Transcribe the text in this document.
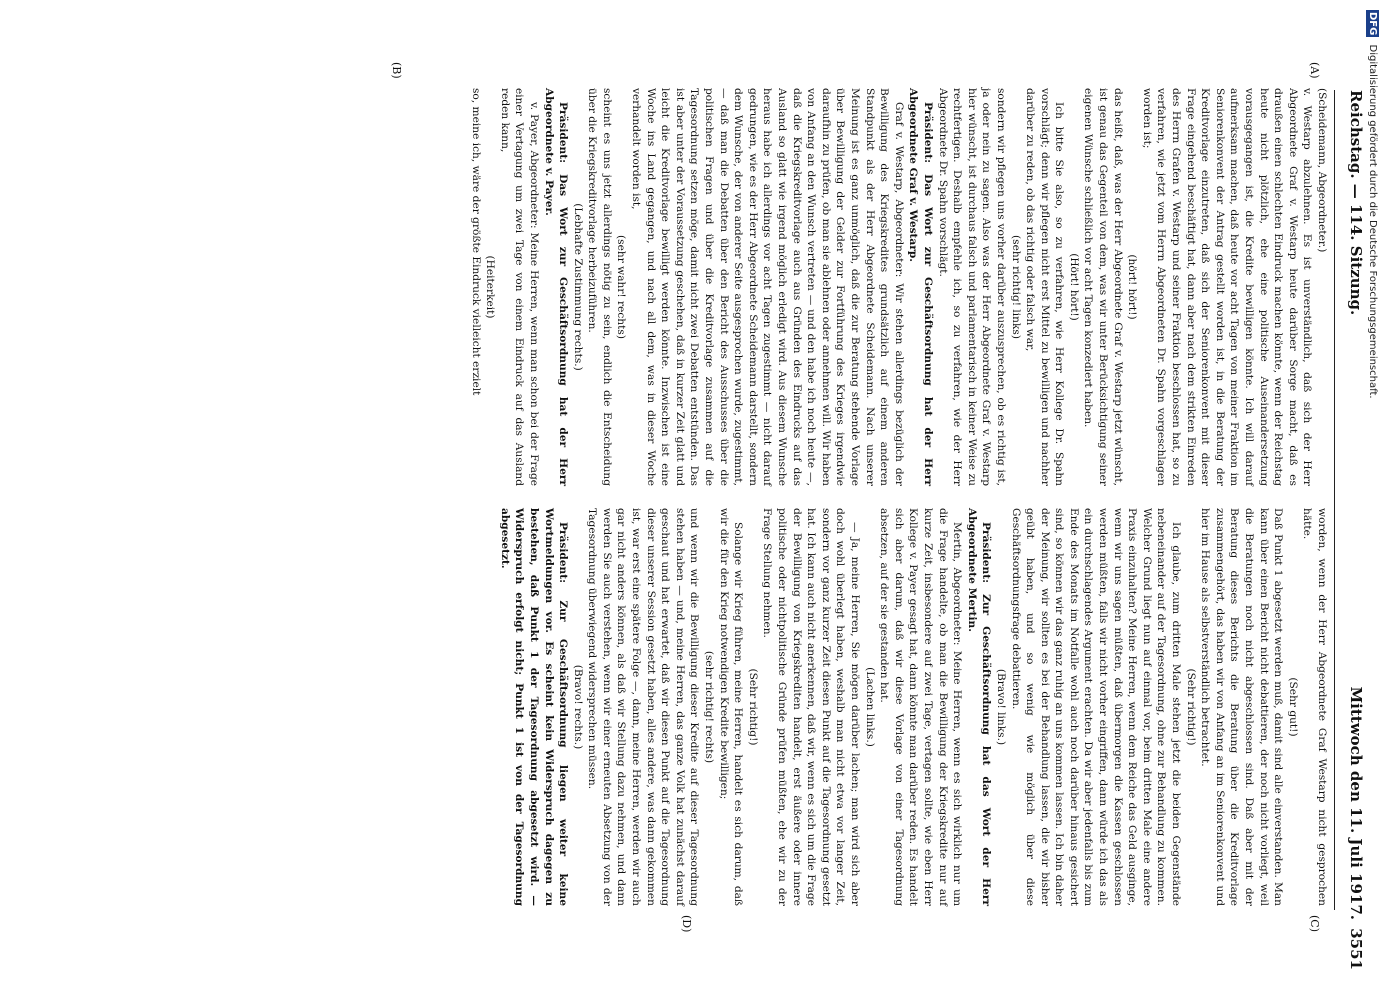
Reichstag. — 114. Sitzung.
Mittwoch den 11. Juli 1917.
3551
(A)
(B)
(C)
(D)

(Scheidemann, Abgeordneter.)

v. Westarp abzulehnen. Es ist unverständlich, daß sich der Herr Abgeordnete Graf v. Westarp heute darüber Sorge macht, daß es draußen einen schlechten Eindruck machen könnte, wenn der Reichstag heute nicht plötzlich, ehe eine politische Auseinandersetzung vorausgegangen ist, die Kredite bewilligen könnte. Ich will darauf aufmerksam machen, daß heute vor acht Tagen von meiner Fraktion im Seniorenkonvent der Antrag gestellt worden ist, in die Beratung der Kreditvorlage einzutreten, daß sich der Seniorenkonvent mit dieser Frage eingehend beschäftigt hat, dann aber nach dem strikten Einreden des Herrn Grafen v. Westarp und seiner Fraktion beschlossen hat, so zu verfahren, wie jetzt vom Herrn Abgeordneten Dr. Spahn vorgeschlagen worden ist;

(hört! hört!)

das heißt, daß, was der Herr Abgeordnete Graf v. Westarp jetzt wünscht, ist genau das Gegenteil von dem, was wir unter Berücksichtigung seiner eigenen Wünsche schließlich vor acht Tagen konzediert haben.

(Hört! hört!)

Ich bitte Sie also, so zu verfahren, wie Herr Kollege Dr. Spahn vorschlägt; denn wir pflegen nicht erst Mittel zu bewilligen und nachher darüber zu reden, ob das richtig oder falsch war,

(sehr richtig! links)

sondern wir pflegen uns vorher darüber auszusprechen, ob es richtig ist, ja oder nein zu sagen. Also was der Herr Abgeordnete Graf v. Westarp hier wünscht, ist durchaus falsch und parlamentarisch in keiner Weise zu rechtfertigen. Deshalb empfehle ich, so zu verfahren, wie der Herr Abgeordnete Dr. Spahn vorschlägt.

Präsident: Das Wort zur Geschäftsordnung hat der Herr Abgeordnete Graf v. Westarp.

Graf v. Westarp, Abgeordneter: Wir stehen allerdings bezüglich der Bewilligung des Kriegskredites grundsätzlich auf einem anderen Standpunkt als der Herr Abgeordnete Scheidemann. Nach unserer Meinung ist es ganz unmöglich, daß die zur Beratung stehende Vorlage über Bewilligung der Gelder zur Fortführung des Krieges irgendwie daraufhin zu prüfen, ob man sie ablehnen oder annehmen will. Wir haben von Anfang an den Wunsch vertreten — und den habe ich noch heute —, daß die Kriegskreditvorlage auch aus Gründen des Eindrucks auf das Ausland so glatt wie irgend möglich erledigt wird. Aus diesem Wunsche heraus habe ich allerdings vor acht Tagen zugestimmt — nicht darauf gedrungen, wie es der Herr Abgeordnete Scheidemann darstellt, sondern dem Wunsche, der von anderer Seite ausgesprochen wurde, zugestimmt, — daß man die Debatten über den Bericht des Ausschusses über die politischen Fragen und über die Kreditvorlage zusammen auf die Tagesordnung setzen möge, damit nicht zwei Debatten entstünden. Das ist aber unter der Voraussetzung geschehen, daß in kurzer Zeit glatt und leicht die Kreditvorlage bewilligt werden könnte. Inzwischen ist eine Woche ins Land gegangen, und nach all dem, was in dieser Woche verhandelt worden ist,

(sehr wahr! rechts)

scheint es uns jetzt allerdings nötig zu sein, endlich die Entscheidung über die Kriegskreditvorlage herbeizuführen.

(Lebhafte Zustimmung rechts.)

Präsident: Das Wort zur Geschäftsordnung hat der Herr Abgeordnete v. Payer.

v. Payer, Abgeordneter: Meine Herren, wenn man schon bei der Frage einer Vertagung um zwei Tage von einem Eindruck auf das Ausland reden kann,

(Heiterkeit)

so, meine ich, wäre der größte Eindruck vielleicht erzielt

worden, wenn der Herr Abgeordnete Graf Westarp nicht gesprochen hätte.

(Sehr gut!)

Daß Punkt 1 abgesetzt werden muß, damit sind alle einverstanden. Man kann über einen Bericht nicht debattieren, der noch nicht vorliegt, weil die Beratungen noch nicht abgeschlossen sind. Daß aber mit der Beratung dieses Berichts die Beratung über die Kreditvorlage zusammengehört, das haben wir von Anfang an im Seniorenkonvent und hier im Hause als selbstverständlich betrachtet.

(Sehr richtig!)

Ich glaube, zum dritten Male stehen jetzt die beiden Gegenstände nebeneinander auf der Tagesordnung, ohne zur Behandlung zu kommen. Welcher Grund liegt nun auf einmal vor, beim dritten Male eine andere Praxis einzuhalten? Meine Herren, wenn dem Reiche das Geld ausginge, wenn wir uns sagen müßten, daß übermorgen die Kassen geschlossen werden müßten, falls wir nicht vorher eingriffen, dann würde ich das als ein durchschlagendes Argument erachten. Da wir aber jedenfalls bis zum Ende des Monats im Notfalle wohl auch noch darüber hinaus gesichert sind, so können wir das ganz ruhig an uns kommen lassen. Ich bin daher der Meinung, wir sollten es bei der Behandlung lassen, die wir bisher geübt haben, und so wenig wie möglich über diese Geschäftsordnungsfrage debattieren.

(Bravo! links.)

Präsident: Zur Geschäftsordnung hat das Wort der Herr Abgeordnete Mertin.

Mertin, Abgeordneter: Meine Herren, wenn es sich wirklich nur um die Frage handelte, ob man die Bewilligung der Kriegskredite nur auf kurze Zeit, insbesondere auf zwei Tage, vertagen sollte, wie eben Herr Kollege v. Payer gesagt hat, dann könnte man darüber reden. Es handelt sich aber darum, daß wir diese Vorlage von einer Tagesordnung absetzen, auf der sie gestanden hat.

(Lachen links.)

— Ja, meine Herren, Sie mögen darüber lachen; man wird sich aber doch wohl überlegt haben, weshalb man nicht etwa vor langer Zeit, sondern vor ganz kurzer Zeit diesen Punkt auf die Tagesordnung gesetzt hat. Ich kann auch nicht anerkennen, daß wir, wenn es sich um die Frage der Bewilligung von Kriegskrediten handelt, erst äußere oder innere politische oder nichtpolitische Gründe prüfen müßten, ehe wir zu der Frage Stellung nehmen.

(Sehr richtig!)

Solange wir Krieg führen, meine Herren, handelt es sich darum, daß wir die für den Krieg notwendigen Kredite bewilligen;

(sehr richtig! rechts)

und wenn wir die Bewilligung dieser Kredite auf dieser Tagesordnung stehen haben — und, meine Herren, das ganze Volk hat zunächst darauf geschaut und hat erwartet, daß wir diesen Punkt auf die Tagesordnung dieser unserer Session gesetzt haben, alles andere, was dann gekommen ist, war erst eine spätere Folge —, dann, meine Herren, werden wir auch gar nicht anders können, als daß wir Stellung dazu nehmen, und dann werden Sie auch verstehen, wenn wir einer erneuten Absetzung von der Tagesordnung überwiegend widersprechen müssen.

(Bravo! rechts.)

Präsident: Zur Geschäftsordnung liegen weiter keine Wortmeldungen vor. Es scheint kein Widerspruch dagegen zu bestehen, daß Punkt 1 der Tagesordnung abgesetzt wird. — Widerspruch erfolgt nicht; Punkt 1 ist von der Tagesordnung abgesetzt.

DFG Digitalisierung gefördert durch die Deutsche Forschungsgemeinschaft.
